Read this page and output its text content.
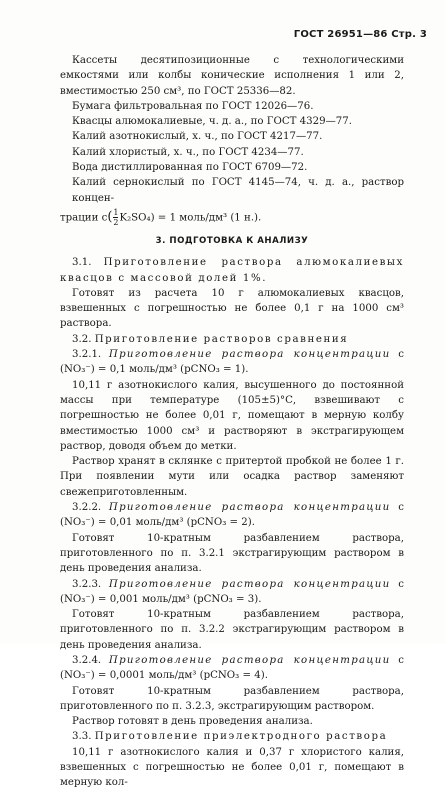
ГОСТ 26951—86 Стр. 3

Кассеты десятипозиционные с технологическими емкостями или колбы конические исполнения 1 или 2, вместимостью 250 см³, по ГОСТ 25336—82.

Бумага фильтровальная по ГОСТ 12026—76.

Квасцы алюмокалиевые, ч. д. а., по ГОСТ 4329—77.

Калий азотнокислый, х. ч., по ГОСТ 4217—77.

Калий хлористый, х. ч., по ГОСТ 4234—77.

Вода дистиллированная по ГОСТ 6709—72.

Калий сернокислый по ГОСТ 4145—74, ч. д. а., раствор концен-

трации $c( \frac{1}{2} K_2SO_4) = 1$ моль/дм³ (1 н.).

3. ПОДГОТОВКА К АНАЛИЗУ

3.1. Приготовление раствора алюмокалиевых квасцов с массовой долей 1%.

Готовят из расчета 10 г алюмокалиевых квасцов, взвешенных с погрешностью не более 0,1 г на 1000 см³ раствора.

3.2. Приготовление растворов сравнения

3.2.1. Приготовление раствора концентрации c (NO₃⁻) = 0,1 моль/дм³ (pCNO₃ = 1).

10,11 г азотнокислого калия, высушенного до постоянной массы при температуре (105±5)°С, взвешивают с погрешностью не более 0,01 г, помещают в мерную колбу вместимостью 1000 см³ и растворяют в экстрагирующем раствор, доводя объем до метки.

Раствор хранят в склянке с притертой пробкой не более 1 г. При появлении мути или осадка раствор заменяют свежеприготовленным.

3.2.2. Приготовление раствора концентрации c (NO₃⁻) = 0,01 моль/дм³ (pCNO₃ = 2).

Готовят 10-кратным разбавлением раствора, приготовленного по п. 3.2.1 экстрагирующим раствором в день проведения анализа.

3.2.3. Приготовление раствора концентрации c (NO₃⁻) = 0,001 моль/дм³ (pCNO₃ = 3).

Готовят 10-кратным разбавлением раствора, приготовленного по п. 3.2.2 экстрагирующим раствором в день проведения анализа.

3.2.4. Приготовление раствора концентрации c (NO₃⁻) = 0,0001 моль/дм³ (pCNO₃ = 4).

Готовят 10-кратным разбавлением раствора, приготовленного по п. 3.2.3, экстрагирующим раствором.

Раствор готовят в день проведения анализа.

3.3. Приготовление приэлектродного раствора

10,11 г азотнокислого калия и 0,37 г хлористого калия, взвешенных с погрешностью не более 0,01 г, помещают в мерную кол-
